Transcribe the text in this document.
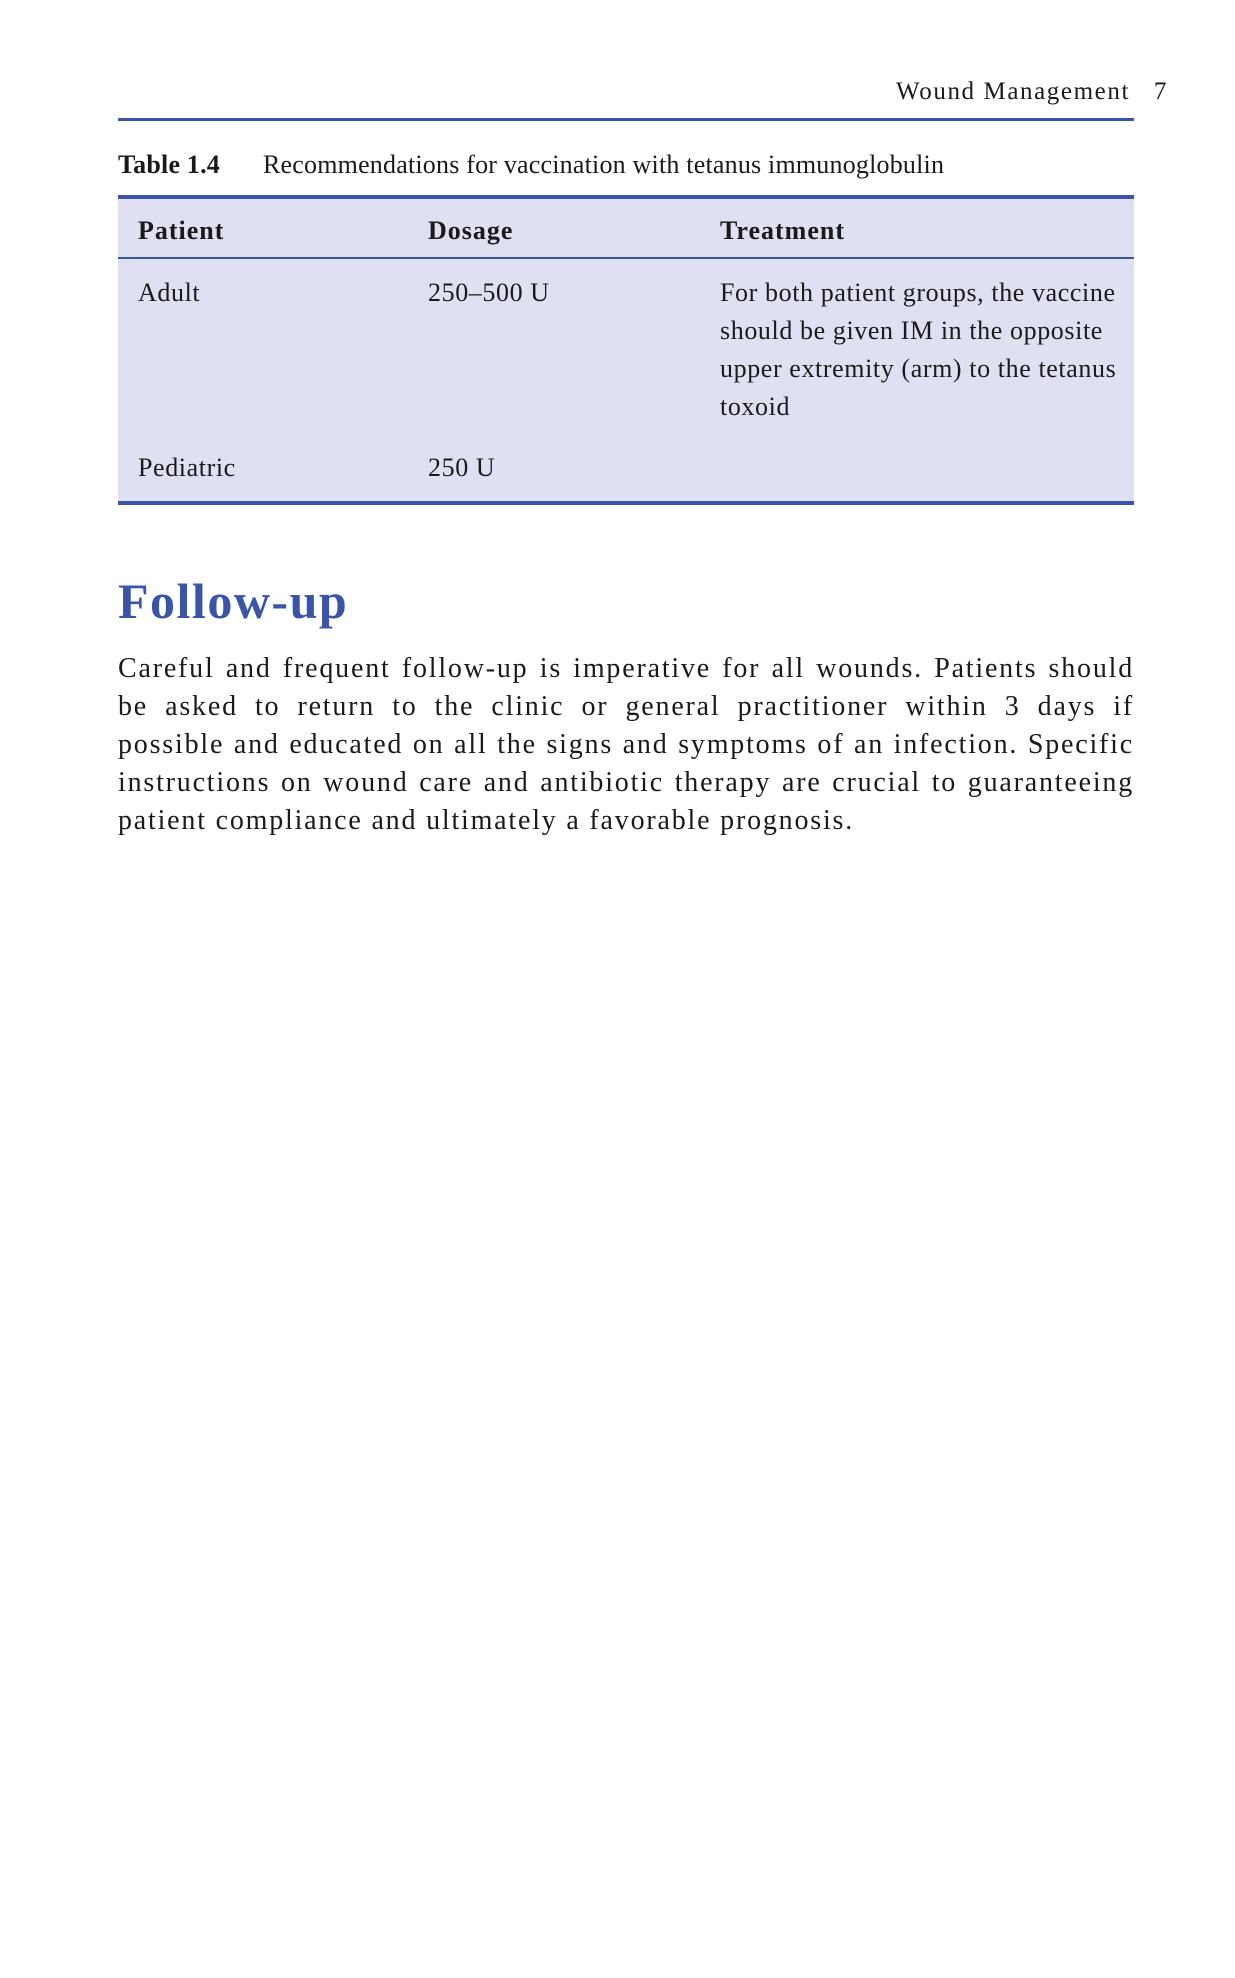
Wound Management 7
Table 1.4 Recommendations for vaccination with tetanus immunoglobulin
Patient	Dosage	Treatment
Adult	250–500 U	For both patient groups, the vaccine should be given IM in the opposite upper extremity (arm) to the tetanus toxoid
Pediatric	250 U
Follow-up

Careful and frequent follow-up is imperative for all wounds. Patients should be asked to return to the clinic or general practitioner within 3 days if possible and educated on all the signs and symptoms of an infection. Specific instructions on wound care and antibiotic therapy are crucial to guaranteeing patient compliance and ultimately a favorable prognosis.
